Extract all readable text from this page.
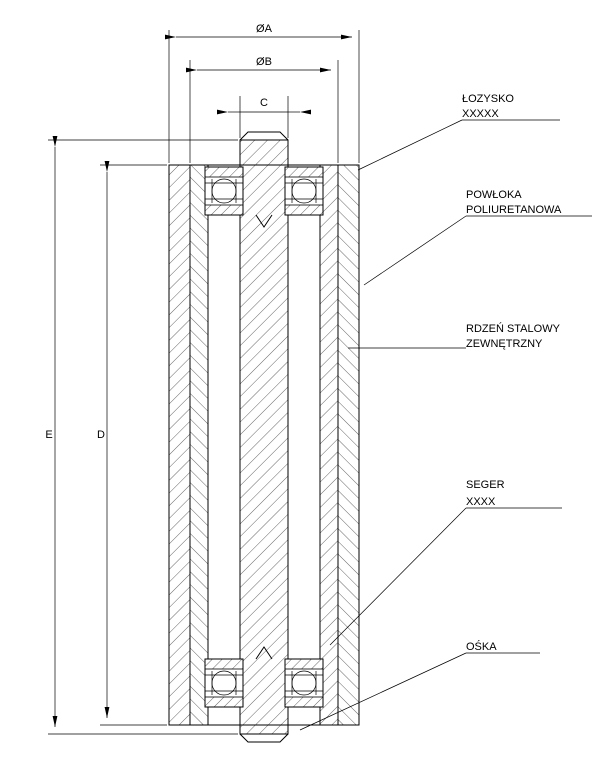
ØA
ØB
C
D
E
ŁOZYSKO
XXXXX
POWŁOKA
POLIURETANOWA
RDZEŃ STALOWY
ZEWNĘTRZNY
SEGER
XXXX
OŚKA
